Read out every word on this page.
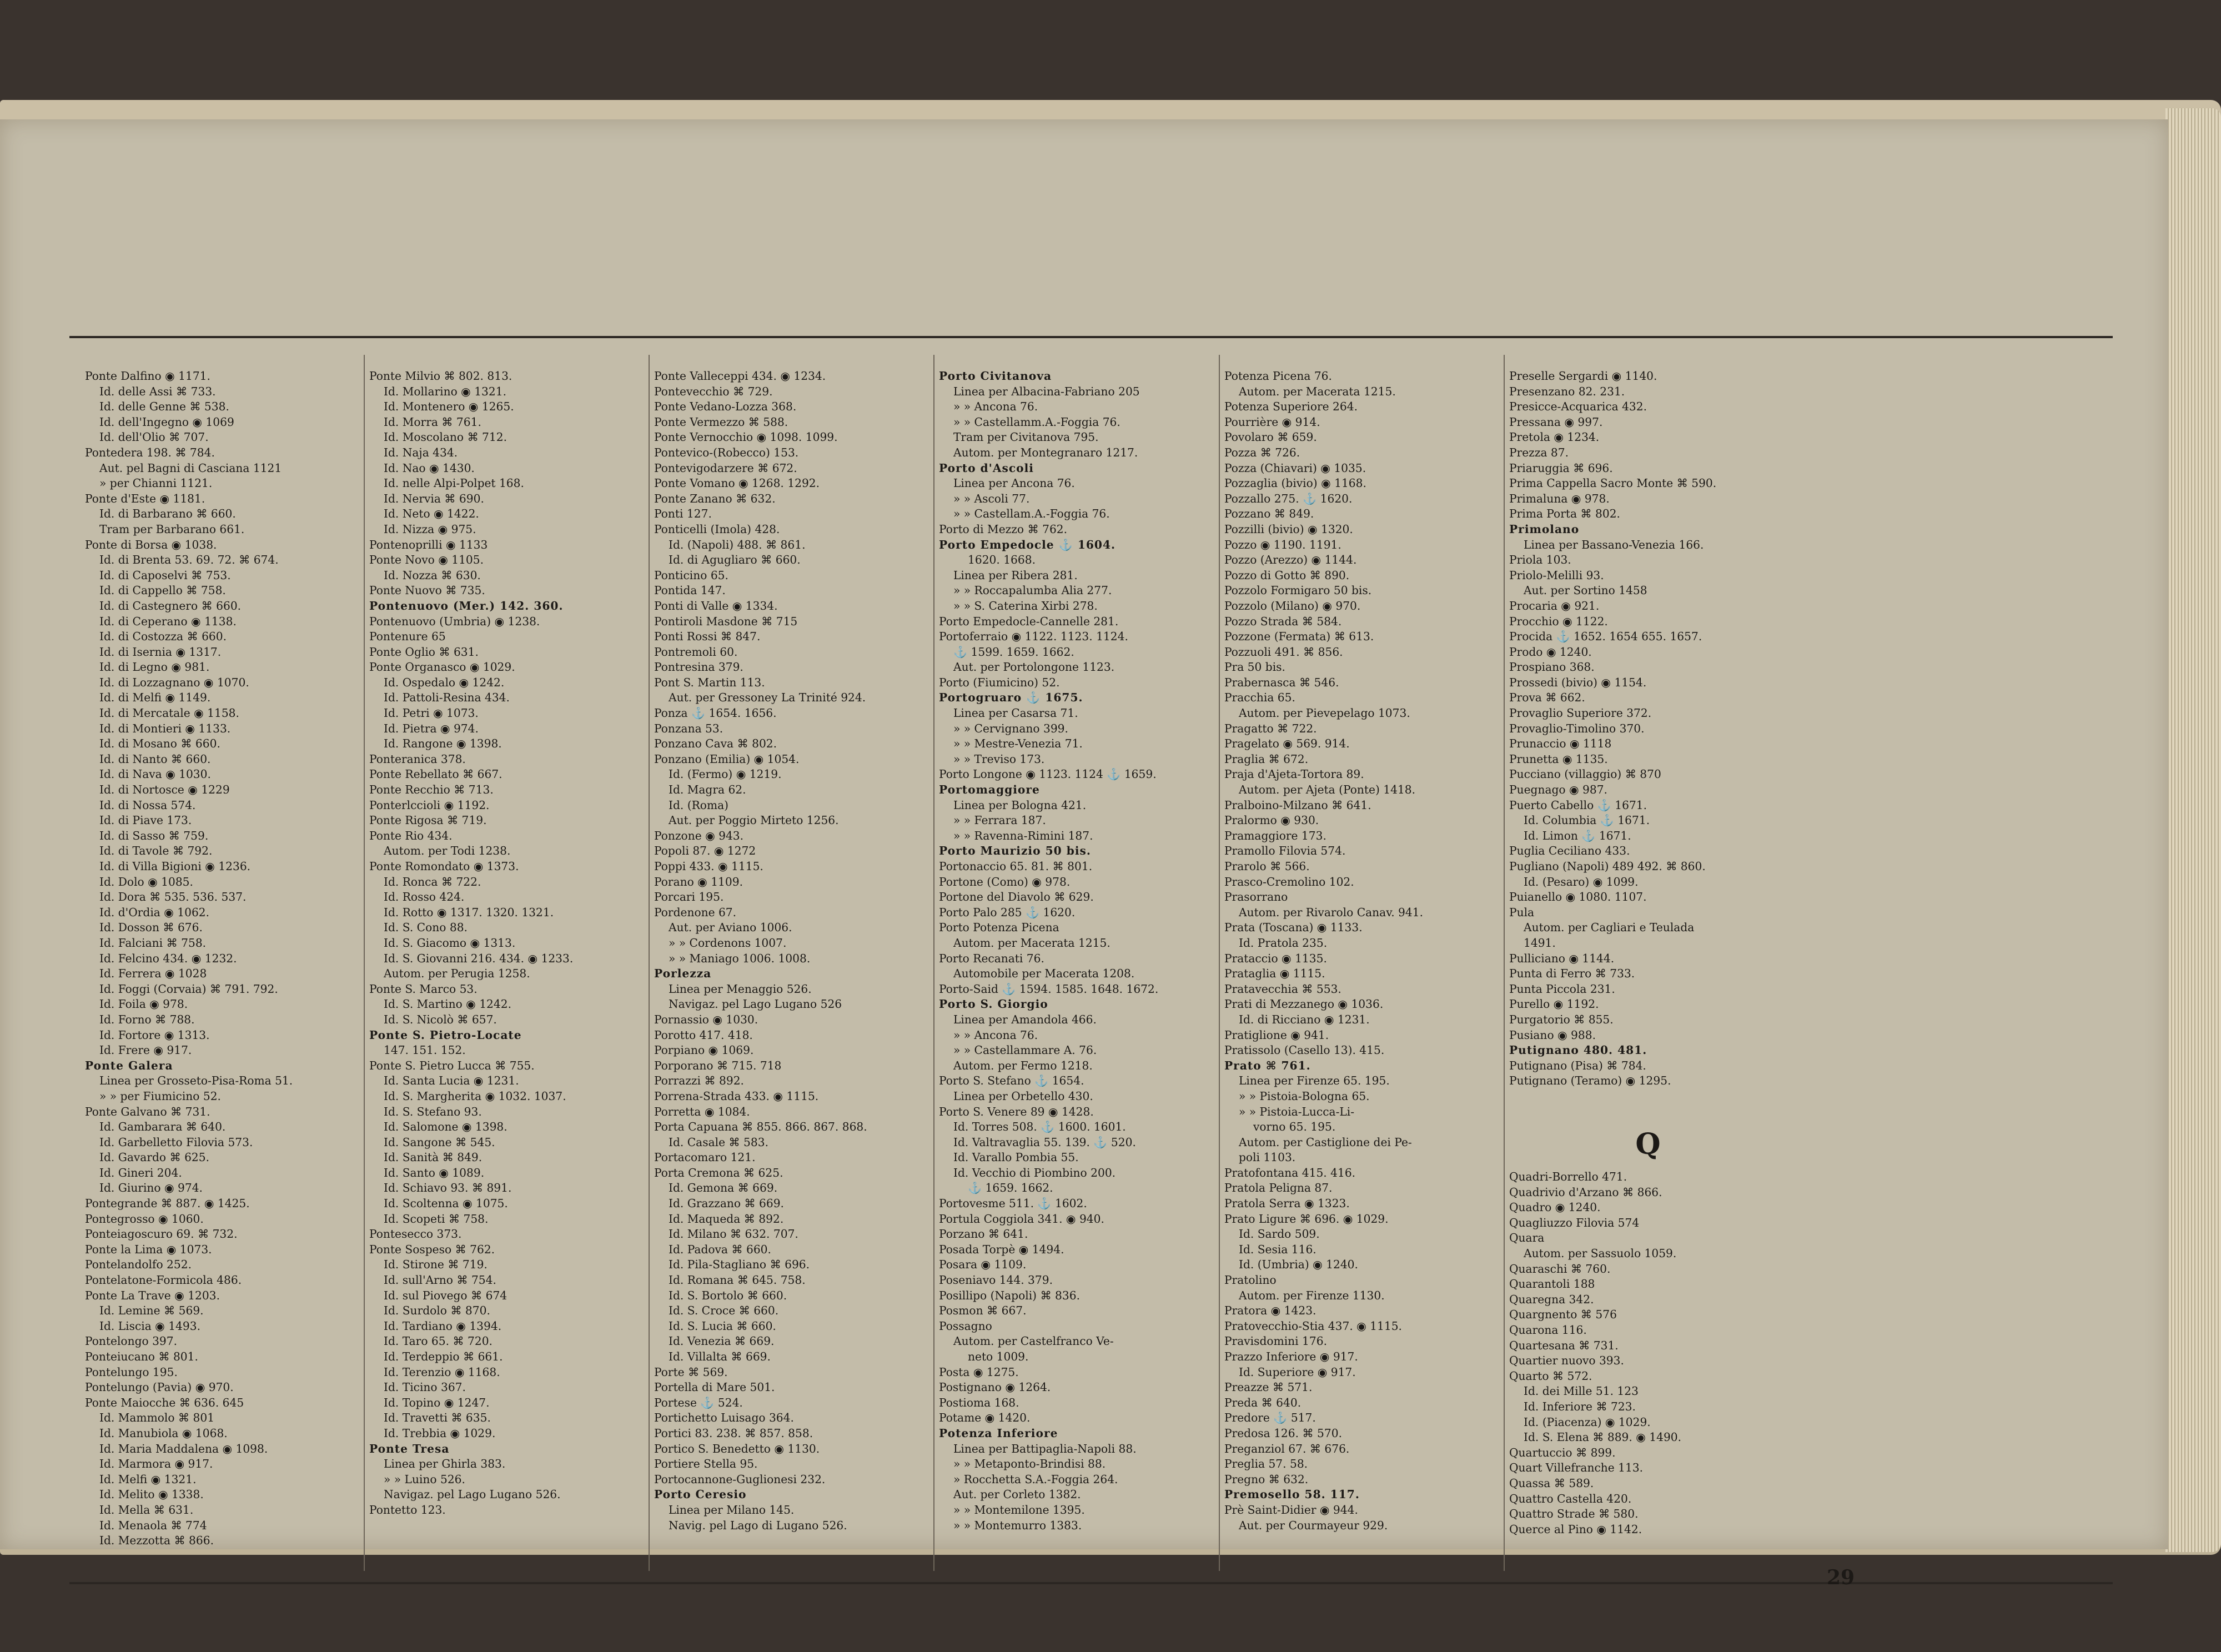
Ponte Dalfino ◉ 1171.
Id. delle Assi ⌘ 733.
Id. delle Genne ⌘ 538.
Id. dell'Ingegno ◉ 1069
Id. dell'Olio ⌘ 707.
Pontedera 198. ⌘ 784.
Aut. pel Bagni di Casciana 1121
» per Chianni 1121.
Ponte d'Este ◉ 1181.
Id. di Barbarano ⌘ 660.
Tram per Barbarano 661.
Ponte di Borsa ◉ 1038.
Id. di Brenta 53. 69. 72. ⌘ 674.
Id. di Caposelvi ⌘ 753.
Id. di Cappello ⌘ 758.
Id. di Castegnero ⌘ 660.
Id. di Ceperano ◉ 1138.
Id. di Costozza ⌘ 660.
Id. di Isernia ◉ 1317.
Id. di Legno ◉ 981.
Id. di Lozzagnano ◉ 1070.
Id. di Melfi ◉ 1149.
Id. di Mercatale ◉ 1158.
Id. di Montieri ◉ 1133.
Id. di Mosano ⌘ 660.
Id. di Nanto ⌘ 660.
Id. di Nava ◉ 1030.
Id. di Nortosce ◉ 1229
Id. di Nossa 574.
Id. di Piave 173.
Id. di Sasso ⌘ 759.
Id. di Tavole ⌘ 792.
Id. di Villa Bigioni ◉ 1236.
Id. Dolo ◉ 1085.
Id. Dora ⌘ 535. 536. 537.
Id. d'Ordia ◉ 1062.
Id. Dosson ⌘ 676.
Id. Falciani ⌘ 758.
Id. Felcino 434. ◉ 1232.
Id. Ferrera ◉ 1028
Id. Foggi (Corvaia) ⌘ 791. 792.
Id. Foila ◉ 978.
Id. Forno ⌘ 788.
Id. Fortore ◉ 1313.
Id. Frere ◉ 917.
Ponte Galera
Linea per Grosseto-Pisa-Roma 51.
» » per Fiumicino 52.
Ponte Galvano ⌘ 731.
Id. Gambarara ⌘ 640.
Id. Garbelletto Filovia 573.
Id. Gavardo ⌘ 625.
Id. Gineri 204.
Id. Giurino ◉ 974.
Pontegrande ⌘ 887. ◉ 1425.
Pontegrosso ◉ 1060.
Ponteiagoscuro 69. ⌘ 732.
Ponte la Lima ◉ 1073.
Pontelandolfo 252.
Pontelatone-Formicola 486.
Ponte La Trave ◉ 1203.
Id. Lemine ⌘ 569.
Id. Liscia ◉ 1493.
Pontelongo 397.
Ponteiucano ⌘ 801.
Pontelungo 195.
Pontelungo (Pavia) ◉ 970.
Ponte Maiocche ⌘ 636. 645
Id. Mammolo ⌘ 801
Id. Manubiola ◉ 1068.
Id. Maria Maddalena ◉ 1098.
Id. Marmora ◉ 917.
Id. Melfi ◉ 1321.
Id. Melito ◉ 1338.
Id. Mella ⌘ 631.
Id. Menaola ⌘ 774
Id. Mezzotta ⌘ 866.
Ponte Milvio ⌘ 802. 813.
Id. Mollarino ◉ 1321.
Id. Montenero ◉ 1265.
Id. Morra ⌘ 761.
Id. Moscolano ⌘ 712.
Id. Naja 434.
Id. Nao ◉ 1430.
Id. nelle Alpi-Polpet 168.
Id. Nervia ⌘ 690.
Id. Neto ◉ 1422.
Id. Nizza ◉ 975.
Pontenoprilli ◉ 1133
Ponte Novo ◉ 1105.
Id. Nozza ⌘ 630.
Ponte Nuovo ⌘ 735.
Pontenuovo (Mer.) 142. 360.
Pontenuovo (Umbria) ◉ 1238.
Pontenure 65
Ponte Oglio ⌘ 631.
Ponte Organasco ◉ 1029.
Id. Ospedalo ◉ 1242.
Id. Pattoli-Resina 434.
Id. Petri ◉ 1073.
Id. Pietra ◉ 974.
Id. Rangone ◉ 1398.
Ponteranica 378.
Ponte Rebellato ⌘ 667.
Ponte Recchio ⌘ 713.
Ponterlccioli ◉ 1192.
Ponte Rigosa ⌘ 719.
Ponte Rio 434.
Autom. per Todi 1238.
Ponte Romondato ◉ 1373.
Id. Ronca ⌘ 722.
Id. Rosso 424.
Id. Rotto ◉ 1317. 1320. 1321.
Id. S. Cono 88.
Id. S. Giacomo ◉ 1313.
Id. S. Giovanni 216. 434. ◉ 1233.
Autom. per Perugia 1258.
Ponte S. Marco 53.
Id. S. Martino ◉ 1242.
Id. S. Nicolò ⌘ 657.
Ponte S. Pietro-Locate
147. 151. 152.
Ponte S. Pietro Lucca ⌘ 755.
Id. Santa Lucia ◉ 1231.
Id. S. Margherita ◉ 1032. 1037.
Id. S. Stefano 93.
Id. Salomone ◉ 1398.
Id. Sangone ⌘ 545.
Id. Sanità ⌘ 849.
Id. Santo ◉ 1089.
Id. Schiavo 93. ⌘ 891.
Id. Scoltenna ◉ 1075.
Id. Scopeti ⌘ 758.
Pontesecco 373.
Ponte Sospeso ⌘ 762.
Id. Stirone ⌘ 719.
Id. sull'Arno ⌘ 754.
Id. sul Piovego ⌘ 674
Id. Surdolo ⌘ 870.
Id. Tardiano ◉ 1394.
Id. Taro 65. ⌘ 720.
Id. Terdeppio ⌘ 661.
Id. Terenzio ◉ 1168.
Id. Ticino 367.
Id. Topino ◉ 1247.
Id. Travetti ⌘ 635.
Id. Trebbia ◉ 1029.
Ponte Tresa
Linea per Ghirla 383.
» » Luino 526.
Navigaz. pel Lago Lugano 526.
Pontetto 123.
Ponte Valleceppi 434. ◉ 1234.
Pontevecchio ⌘ 729.
Ponte Vedano-Lozza 368.
Ponte Vermezzo ⌘ 588.
Ponte Vernocchio ◉ 1098. 1099.
Pontevico-(Robecco) 153.
Pontevigodarzere ⌘ 672.
Ponte Vomano ◉ 1268. 1292.
Ponte Zanano ⌘ 632.
Ponti 127.
Ponticelli (Imola) 428.
Id. (Napoli) 488. ⌘ 861.
Id. di Agugliaro ⌘ 660.
Ponticino 65.
Pontida 147.
Ponti di Valle ◉ 1334.
Pontiroli Masdone ⌘ 715
Ponti Rossi ⌘ 847.
Pontremoli 60.
Pontresina 379.
Pont S. Martin 113.
Aut. per Gressoney La Trinité 924.
Ponza ⚓ 1654. 1656.
Ponzana 53.
Ponzano Cava ⌘ 802.
Ponzano (Emilia) ◉ 1054.
Id. (Fermo) ◉ 1219.
Id. Magra 62.
Id. (Roma)
Aut. per Poggio Mirteto 1256.
Ponzone ◉ 943.
Popoli 87. ◉ 1272
Poppi 433. ◉ 1115.
Porano ◉ 1109.
Porcari 195.
Pordenone 67.
Aut. per Aviano 1006.
» » Cordenons 1007.
» » Maniago 1006. 1008.
Porlezza
Linea per Menaggio 526.
Navigaz. pel Lago Lugano 526
Pornassio ◉ 1030.
Porotto 417. 418.
Porpiano ◉ 1069.
Porporano ⌘ 715. 718
Porrazzi ⌘ 892.
Porrena-Strada 433. ◉ 1115.
Porretta ◉ 1084.
Porta Capuana ⌘ 855. 866. 867. 868.
Id. Casale ⌘ 583.
Portacomaro 121.
Porta Cremona ⌘ 625.
Id. Gemona ⌘ 669.
Id. Grazzano ⌘ 669.
Id. Maqueda ⌘ 892.
Id. Milano ⌘ 632. 707.
Id. Padova ⌘ 660.
Id. Pila-Stagliano ⌘ 696.
Id. Romana ⌘ 645. 758.
Id. S. Bortolo ⌘ 660.
Id. S. Croce ⌘ 660.
Id. S. Lucia ⌘ 660.
Id. Venezia ⌘ 669.
Id. Villalta ⌘ 669.
Porte ⌘ 569.
Portella di Mare 501.
Portese ⚓ 524.
Portichetto Luisago 364.
Portici 83. 238. ⌘ 857. 858.
Portico S. Benedetto ◉ 1130.
Portiere Stella 95.
Portocannone-Guglionesi 232.
Porto Ceresio
Linea per Milano 145.
Navig. pel Lago di Lugano 526.
Porto Civitanova
Linea per Albacina-Fabriano 205
» » Ancona 76.
» » Castellamm.A.-Foggia 76.
Tram per Civitanova 795.
Autom. per Montegranaro 1217.
Porto d'Ascoli
Linea per Ancona 76.
» » Ascoli 77.
» » Castellam.A.-Foggia 76.
Porto di Mezzo ⌘ 762.
Porto Empedocle ⚓ 1604.
1620. 1668.
Linea per Ribera 281.
» » Roccapalumba Alia 277.
» » S. Caterina Xirbi 278.
Porto Empedocle-Cannelle 281.
Portoferraio ◉ 1122. 1123. 1124.
⚓ 1599. 1659. 1662.
Aut. per Portolongone 1123.
Porto (Fiumicino) 52.
Portogruaro ⚓ 1675.
Linea per Casarsa 71.
» » Cervignano 399.
» » Mestre-Venezia 71.
» » Treviso 173.
Porto Longone ◉ 1123. 1124 ⚓ 1659.
Portomaggiore
Linea per Bologna 421.
» » Ferrara 187.
» » Ravenna-Rimini 187.
Porto Maurizio 50 bis.
Portonaccio 65. 81. ⌘ 801.
Portone (Como) ◉ 978.
Portone del Diavolo ⌘ 629.
Porto Palo 285 ⚓ 1620.
Porto Potenza Picena
Autom. per Macerata 1215.
Porto Recanati 76.
Automobile per Macerata 1208.
Porto-Said ⚓ 1594. 1585. 1648. 1672.
Porto S. Giorgio
Linea per Amandola 466.
» » Ancona 76.
» » Castellammare A. 76.
Autom. per Fermo 1218.
Porto S. Stefano ⚓ 1654.
Linea per Orbetello 430.
Porto S. Venere 89 ◉ 1428.
Id. Torres 508. ⚓ 1600. 1601.
Id. Valtravaglia 55. 139. ⚓ 520.
Id. Varallo Pombia 55.
Id. Vecchio di Piombino 200.
⚓ 1659. 1662.
Portovesme 511. ⚓ 1602.
Portula Coggiola 341. ◉ 940.
Porzano ⌘ 641.
Posada Torpè ◉ 1494.
Posara ◉ 1109.
Poseniavo 144. 379.
Posillipo (Napoli) ⌘ 836.
Posmon ⌘ 667.
Possagno
Autom. per Castelfranco Ve-
neto 1009.
Posta ◉ 1275.
Postignano ◉ 1264.
Postioma 168.
Potame ◉ 1420.
Potenza Inferiore
Linea per Battipaglia-Napoli 88.
» » Metaponto-Brindisi 88.
» Rocchetta S.A.-Foggia 264.
Aut. per Corleto 1382.
» » Montemilone 1395.
» » Montemurro 1383.
Potenza Picena 76.
Autom. per Macerata 1215.
Potenza Superiore 264.
Pourrière ◉ 914.
Povolaro ⌘ 659.
Pozza ⌘ 726.
Pozza (Chiavari) ◉ 1035.
Pozzaglia (bivio) ◉ 1168.
Pozzallo 275. ⚓ 1620.
Pozzano ⌘ 849.
Pozzilli (bivio) ◉ 1320.
Pozzo ◉ 1190. 1191.
Pozzo (Arezzo) ◉ 1144.
Pozzo di Gotto ⌘ 890.
Pozzolo Formigaro 50 bis.
Pozzolo (Milano) ◉ 970.
Pozzo Strada ⌘ 584.
Pozzone (Fermata) ⌘ 613.
Pozzuoli 491. ⌘ 856.
Pra 50 bis.
Prabernasca ⌘ 546.
Pracchia 65.
Autom. per Pievepelago 1073.
Pragatto ⌘ 722.
Pragelato ◉ 569. 914.
Praglia ⌘ 672.
Praja d'Ajeta-Tortora 89.
Autom. per Ajeta (Ponte) 1418.
Pralboino-Milzano ⌘ 641.
Pralormo ◉ 930.
Pramaggiore 173.
Pramollo Filovia 574.
Prarolo ⌘ 566.
Prasco-Cremolino 102.
Prasorrano
Autom. per Rivarolo Canav. 941.
Prata (Toscana) ◉ 1133.
Id. Pratola 235.
Prataccio ◉ 1135.
Prataglia ◉ 1115.
Pratavecchia ⌘ 553.
Prati di Mezzanego ◉ 1036.
Id. di Ricciano ◉ 1231.
Pratiglione ◉ 941.
Pratissolo (Casello 13). 415.
Prato ⌘ 761.
Linea per Firenze 65. 195.
» » Pistoia-Bologna 65.
» » Pistoia-Lucca-Li-
vorno 65. 195.
Autom. per Castiglione dei Pe-
poli 1103.
Pratofontana 415. 416.
Pratola Peligna 87.
Pratola Serra ◉ 1323.
Prato Ligure ⌘ 696. ◉ 1029.
Id. Sardo 509.
Id. Sesia 116.
Id. (Umbria) ◉ 1240.
Pratolino
Autom. per Firenze 1130.
Pratora ◉ 1423.
Pratovecchio-Stia 437. ◉ 1115.
Pravisdomini 176.
Prazzo Inferiore ◉ 917.
Id. Superiore ◉ 917.
Preazze ⌘ 571.
Preda ⌘ 640.
Predore ⚓ 517.
Predosa 126. ⌘ 570.
Preganziol 67. ⌘ 676.
Preglia 57. 58.
Pregno ⌘ 632.
Premosello 58. 117.
Prè Saint-Didier ◉ 944.
Aut. per Courmayeur 929.
Preselle Sergardi ◉ 1140.
Presenzano 82. 231.
Presicce-Acquarica 432.
Pressana ◉ 997.
Pretola ◉ 1234.
Prezza 87.
Priaruggia ⌘ 696.
Prima Cappella Sacro Monte ⌘ 590.
Primaluna ◉ 978.
Prima Porta ⌘ 802.
Primolano
Linea per Bassano-Venezia 166.
Priola 103.
Priolo-Melilli 93.
Aut. per Sortino 1458
Procaria ◉ 921.
Procchio ◉ 1122.
Procida ⚓ 1652. 1654 655. 1657.
Prodo ◉ 1240.
Prospiano 368.
Prossedi (bivio) ◉ 1154.
Prova ⌘ 662.
Provaglio Superiore 372.
Provaglio-Timolino 370.
Prunaccio ◉ 1118
Prunetta ◉ 1135.
Pucciano (villaggio) ⌘ 870
Puegnago ◉ 987.
Puerto Cabello ⚓ 1671.
Id. Columbia ⚓ 1671.
Id. Limon ⚓ 1671.
Puglia Ceciliano 433.
Pugliano (Napoli) 489 492. ⌘ 860.
Id. (Pesaro) ◉ 1099.
Puianello ◉ 1080. 1107.
Pula
Autom. per Cagliari e Teulada
1491.
Pulliciano ◉ 1144.
Punta di Ferro ⌘ 733.
Punta Piccola 231.
Purello ◉ 1192.
Purgatorio ⌘ 855.
Pusiano ◉ 988.
Putignano 480. 481.
Putignano (Pisa) ⌘ 784.
Putignano (Teramo) ◉ 1295.
Q
Quadri-Borrello 471.
Quadrivio d'Arzano ⌘ 866.
Quadro ◉ 1240.
Quagliuzzo Filovia 574
Quara
Autom. per Sassuolo 1059.
Quaraschi ⌘ 760.
Quarantoli 188
Quaregna 342.
Quargnento ⌘ 576
Quarona 116.
Quartesana ⌘ 731.
Quartier nuovo 393.
Quarto ⌘ 572.
Id. dei Mille 51. 123
Id. Inferiore ⌘ 723.
Id. (Piacenza) ◉ 1029.
Id. S. Elena ⌘ 889. ◉ 1490.
Quartuccio ⌘ 899.
Quart Villefranche 113.
Quassa ⌘ 589.
Quattro Castella 420.
Quattro Strade ⌘ 580.
Querce al Pino ◉ 1142.
29
